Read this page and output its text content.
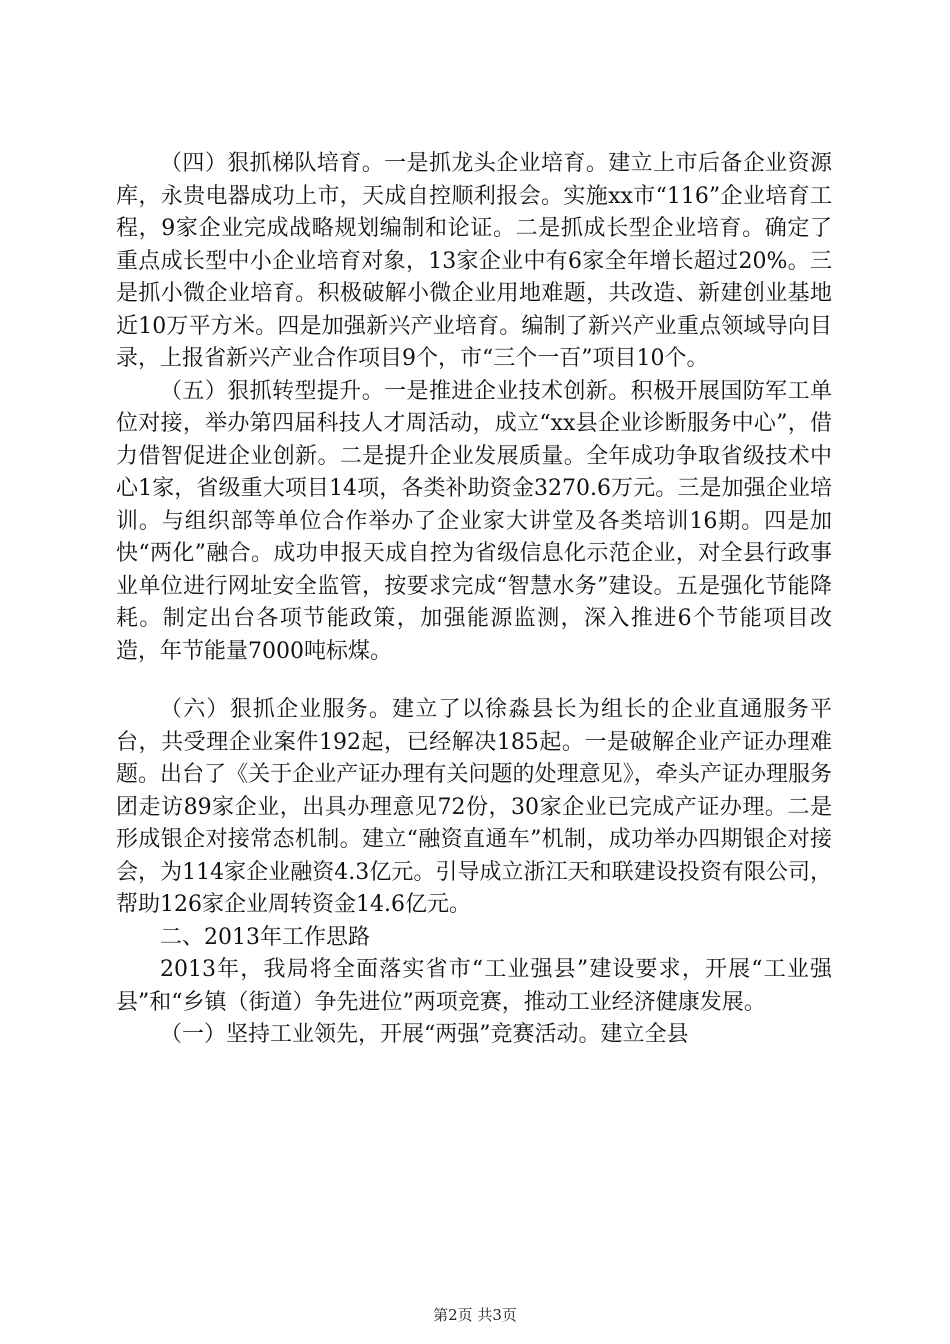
（四）狠抓梯队培育。一是抓龙头企业培育。建立上市后备企业资源库，永贵电器成功上市，天成自控顺利报会。实施xx市“116”企业培育工程，9家企业完成战略规划编制和论证。二是抓成长型企业培育。确定了重点成长型中小企业培育对象，13家企业中有6家全年增长超过20%。三是抓小微企业培育。积极破解小微企业用地难题，共改造、新建创业基地近10万平方米。四是加强新兴产业培育。编制了新兴产业重点领域导向目录，上报省新兴产业合作项目9个，市“三个一百”项目10个。

（五）狠抓转型提升。一是推进企业技术创新。积极开展国防军工单位对接，举办第四届科技人才周活动，成立“xx县企业诊断服务中心”，借力借智促进企业创新。二是提升企业发展质量。全年成功争取省级技术中心1家，省级重大项目14项，各类补助资金3270.6万元。三是加强企业培训。与组织部等单位合作举办了企业家大讲堂及各类培训16期。四是加快“两化”融合。成功申报天成自控为省级信息化示范企业，对全县行政事业单位进行网址安全监管，按要求完成“智慧水务”建设。五是强化节能降耗。制定出台各项节能政策，加强能源监测，深入推进6个节能项目改造，年节能量7000吨标煤。

（六）狠抓企业服务。建立了以徐淼县长为组长的企业直通服务平台，共受理企业案件192起，已经解决185起。一是破解企业产证办理难题。出台了《关于企业产证办理有关问题的处理意见》，牵头产证办理服务团走访89家企业，出具办理意见72份，30家企业已完成产证办理。二是形成银企对接常态机制。建立“融资直通车”机制，成功举办四期银企对接会，为114家企业融资4.3亿元。引导成立浙江天和联建设投资有限公司，帮助126家企业周转资金14.6亿元。

二、2013年工作思路

2013年，我局将全面落实省市“工业强县”建设要求，开展“工业强县”和“乡镇（街道）争先进位”两项竞赛，推动工业经济健康发展。

（一）坚持工业领先，开展“两强”竞赛活动。建立全县

第2页 共3页
